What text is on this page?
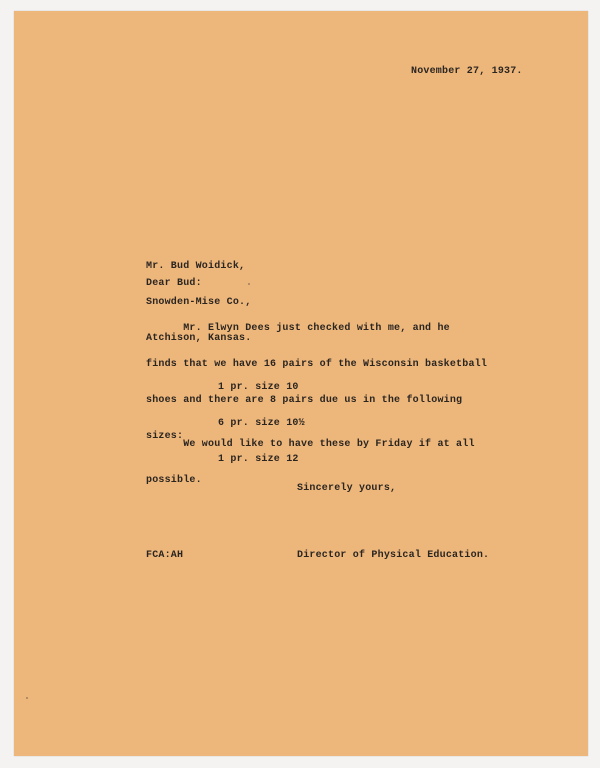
November 27, 1937.

Mr. Bud Woidick,

Snowden-Mise Co.,

Atchison, Kansas.

Dear Bud:

Mr. Elwyn Dees just checked with me, and he

finds that we have 16 pairs of the Wisconsin basketball

shoes and there are 8 pairs due us in the following

sizes:

1 pr. size 10

6 pr. size 10½

1 pr. size 12

We would like to have these by Friday if at all

possible.

Sincerely yours,
FCA:AH	Director of Physical Education.
